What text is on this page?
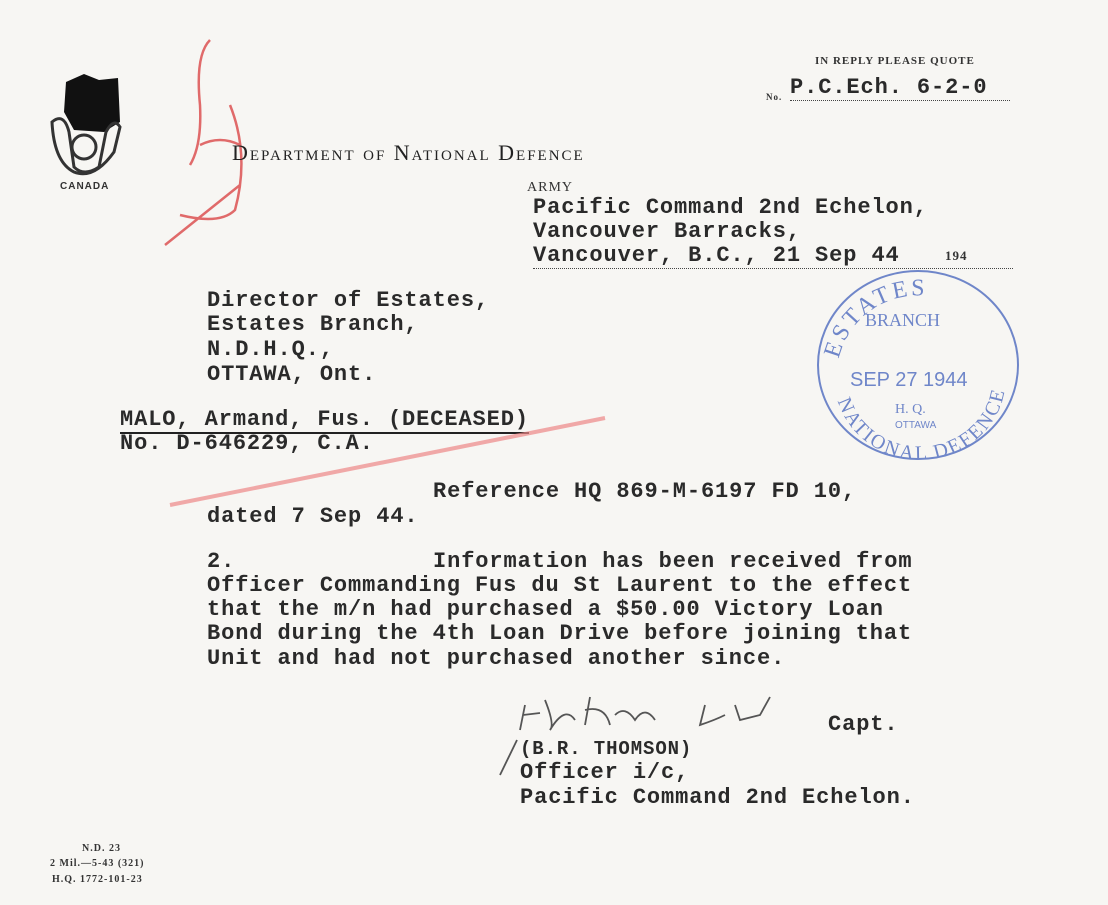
CANADA
IN REPLY PLEASE QUOTE
No. P.C.Ech. 6-2-0
Department of National Defence
ARMY
Pacific Command 2nd Echelon,
Vancouver Barracks,
Vancouver, B.C., 21 Sep 44	194
Director of Estates,
Estates Branch,
N.D.H.Q.,
OTTAWA, Ont.
MALO, Armand, Fus. (DECEASED)
No. D-646229, C.A.
Reference HQ 869-M-6197 FD 10,
dated 7 Sep 44.
2.	Information has been received from
Officer Commanding Fus du St Laurent to the effect
that the m/n had purchased a $50.00 Victory Loan
Bond during the 4th Loan Drive before joining that
Unit and had not purchased another since.
Capt.
(B.R. THOMSON)
Officer i/c,
Pacific Command 2nd Echelon.
ESTATES
NATIONAL DEFENCE
BRANCH
SEP 27 1944
H. Q.
OTTAWA
N.D. 23
2 Mil.—5-43 (321)
H.Q. 1772-101-23
